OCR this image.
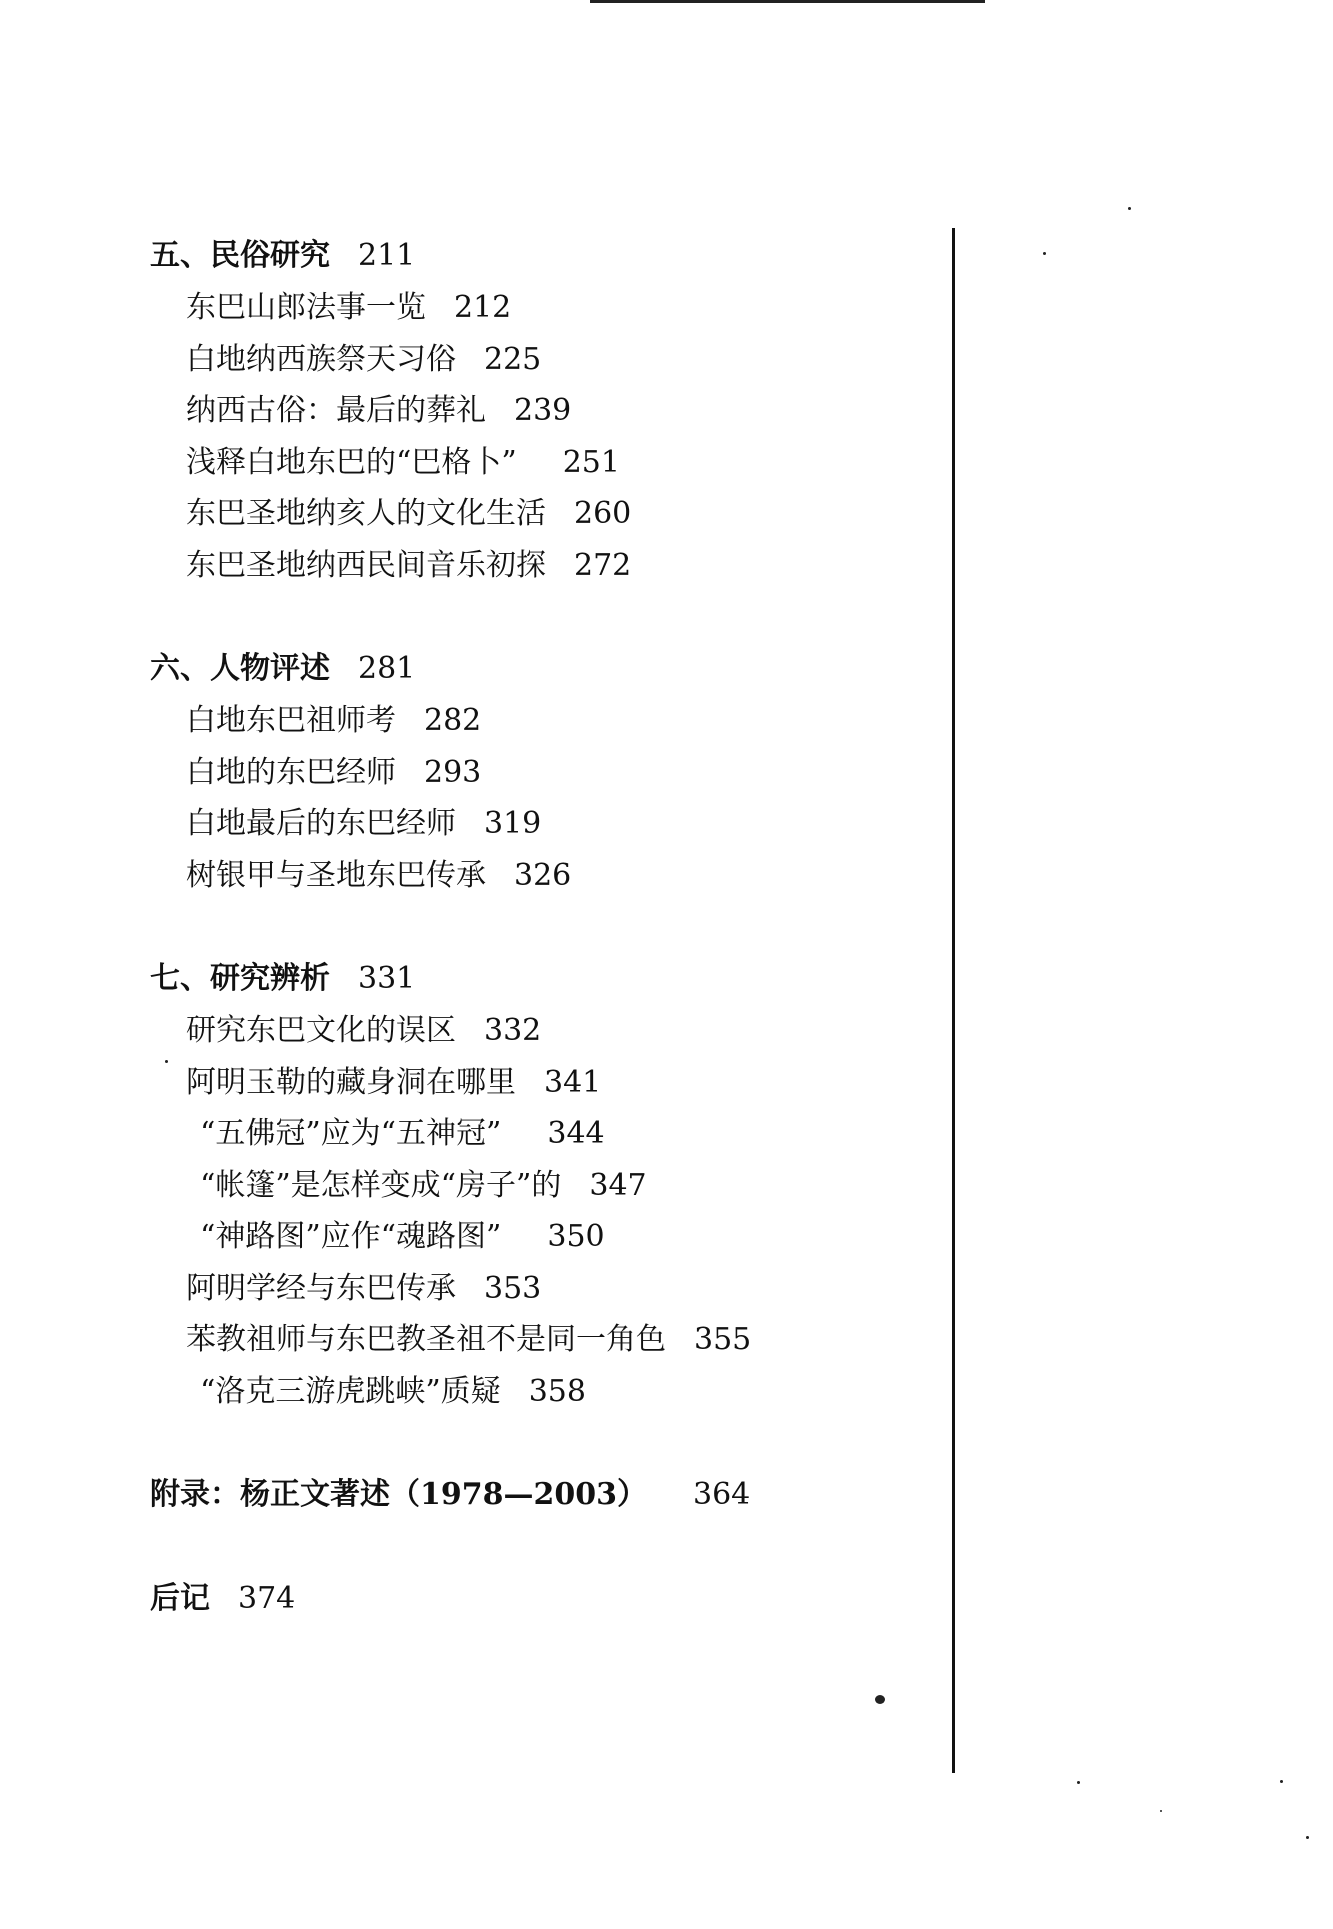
五、民俗研究 211
东巴山郎法事一览 212
白地纳西族祭天习俗 225
纳西古俗：最后的葬礼 239
浅释白地东巴的“巴格卜” 251
东巴圣地纳亥人的文化生活 260
东巴圣地纳西民间音乐初探 272
六、人物评述 281
白地东巴祖师考 282
白地的东巴经师 293
白地最后的东巴经师 319
树银甲与圣地东巴传承 326
七、研究辨析 331
研究东巴文化的误区 332
阿明玉勒的藏身洞在哪里 341
“五佛冠”应为“五神冠” 344
“帐篷”是怎样变成“房子”的 347
“神路图”应作“魂路图” 350
阿明学经与东巴传承 353
苯教祖师与东巴教圣祖不是同一角色 355
“洛克三游虎跳峡”质疑 358
附录：杨正文著述（1978—2003） 364
后记 374
